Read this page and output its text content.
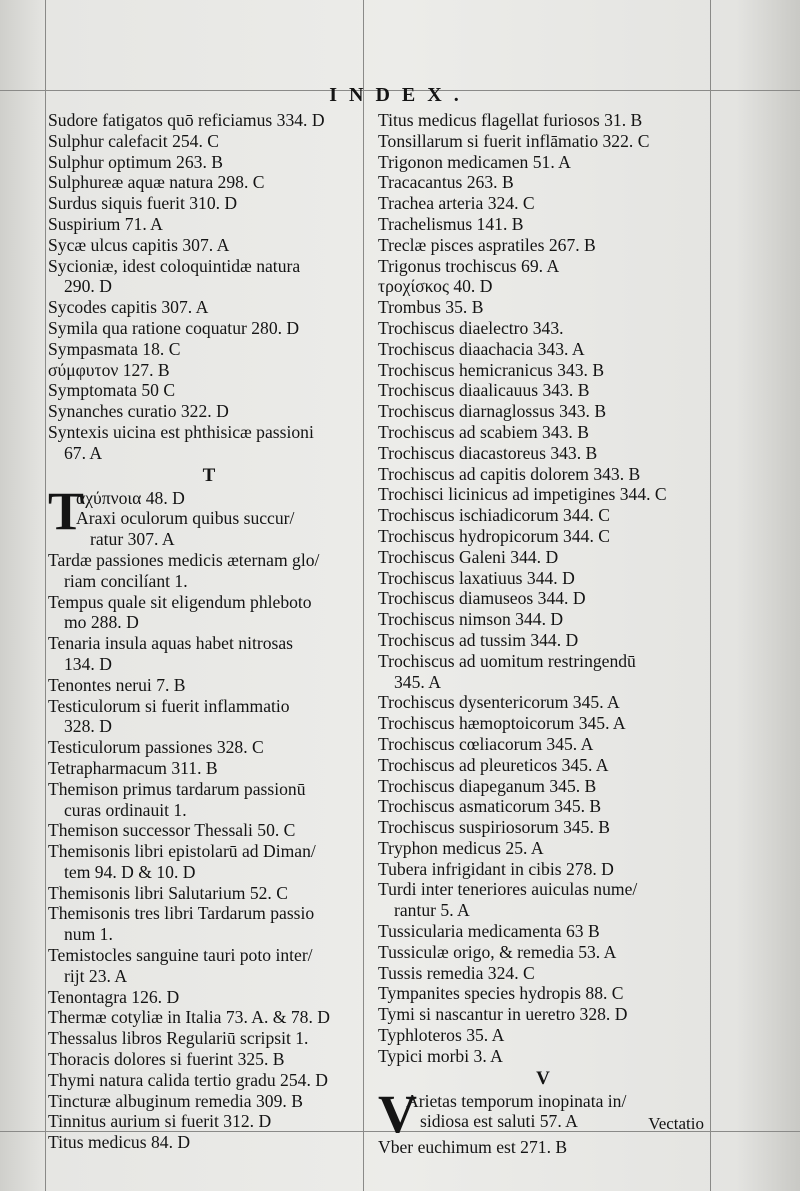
INDEX.
Sudore fatigatos quō reficiamus 334. D
Sulphur calefacit 254. C
Sulphur optimum 263. B
Sulphureæ aquæ natura 298. C
Surdus siquis fuerit 310. D
Suspirium 71. A
Sycæ ulcus capitis 307. A
Sycioniæ, idest coloquintidæ natura
290. D
Sycodes capitis 307. A
Symila qua ratione coquatur 280. D
Sympasmata 18. C
σύμφυτον 127. B
Symptomata 50 C
Synanches curatio 322. D
Syntexis uicina est phthisicæ passioni
67. A
T
T
αχύπνοια 48. D
Araxi oculorum quibus succur/
ratur 307. A
Tardæ passiones medicis æternam glo/
riam concilíant 1.
Tempus quale sit eligendum phleboto
mo 288. D
Tenaria insula aquas habet nitrosas
134. D
Tenontes nerui 7. B
Testiculorum si fuerit inflammatio
328. D
Testiculorum passiones 328. C
Tetrapharmacum 311. B
Themison primus tardarum passionū
curas ordinauit 1.
Themison successor Thessali 50. C
Themisonis libri epistolarū ad Diman/
tem 94. D & 10. D
Themisonis libri Salutarium 52. C
Themisonis tres libri Tardarum passio
num 1.
Temistocles sanguine tauri poto inter/
rijt 23. A
Tenontagra 126. D
Thermæ cotyliæ in Italia 73. A. & 78. D
Thessalus libros Regulariū scripsit 1.
Thoracis dolores si fuerint 325. B
Thymi natura calida tertio gradu 254. D
Tincturæ albuginum remedia 309. B
Tinnitus aurium si fuerit 312. D
Titus medicus 84. D
Titus medicus flagellat furiosos 31. B
Tonsillarum si fuerit inflāmatio 322. C
Trigonon medicamen 51. A
Tracacantus 263. B
Trachea arteria 324. C
Trachelismus 141. B
Treclæ pisces aspratiles 267. B
Trigonus trochiscus 69. A
τροχίσκος 40. D
Trombus 35. B
Trochiscus diaelectro 343.
Trochiscus diaachacia 343. A
Trochiscus hemicranicus 343. B
Trochiscus diaalicauus 343. B
Trochiscus diarnaglossus 343. B
Trochiscus ad scabiem 343. B
Trochiscus diacastoreus 343. B
Trochiscus ad capitis dolorem 343. B
Trochisci licinicus ad impetigines 344. C
Trochiscus ischiadicorum 344. C
Trochiscus hydropicorum 344. C
Trochiscus Galeni 344. D
Trochiscus laxatiuus 344. D
Trochiscus diamuseos 344. D
Trochiscus nimson 344. D
Trochiscus ad tussim 344. D
Trochiscus ad uomitum restringendū
345. A
Trochiscus dysentericorum 345. A
Trochiscus hæmoptoicorum 345. A
Trochiscus cœliacorum 345. A
Trochiscus ad pleureticos 345. A
Trochiscus diapeganum 345. B
Trochiscus asmaticorum 345. B
Trochiscus suspiriosorum 345. B
Tryphon medicus 25. A
Tubera infrigidant in cibis 278. D
Turdi inter teneriores auiculas nume/
rantur 5. A
Tussicularia medicamenta 63 B
Tussiculæ origo, & remedia 53. A
Tussis remedia 324. C
Tympanites species hydropis 88. C
Tymi si nascantur in ueretro 328. D
Typhloteros 35. A
Typici morbi 3. A
V
V
Arietas temporum inopinata in/
sidiosa est saluti 57. A
Vber euchimum est 271. B
Vectatio
